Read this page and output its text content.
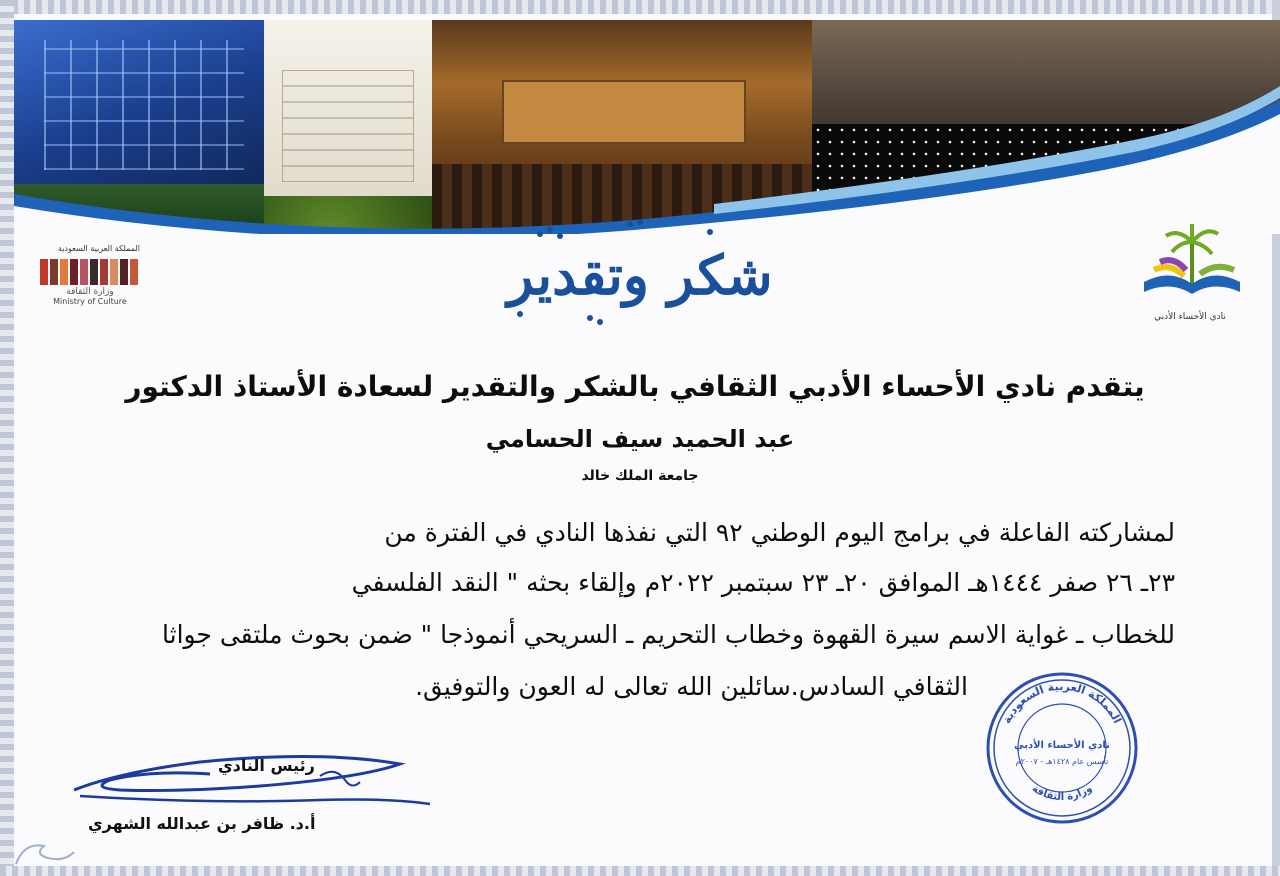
شكر وتقدير
المملكة العربية السعودية
وزارة الثقافة
Ministry of Culture
نادي الأحساء الأدبي
يتقدم نادي الأحساء الأدبي الثقافي بالشكر والتقدير لسعادة الأستاذ الدكتور
عبد الحميد سيف الحسامي
جامعة الملك خالد
لمشاركته الفاعلة في برامج اليوم الوطني ٩٢ التي نفذها النادي في الفترة من
٢٣ـ ٢٦ صفر ١٤٤٤هـ الموافق ٢٠ـ ٢٣ سبتمبر ٢٠٢٢م وإلقاء بحثه " النقد الفلسفي
للخطاب ـ غواية الاسم سيرة القهوة وخطاب التحريم ـ السريحي أنموذجا " ضمن بحوث ملتقى جواثا
الثقافي السادس.سائلين الله تعالى له العون والتوفيق.
المملكة العربية السعودية
نادي الأحساء الأدبي
تأسس عام ١٤٢٨هـ - ٢٠٠٧م
وزارة الثقافة
رئيس النادي
أ.د. ظافر بن عبدالله الشهري
